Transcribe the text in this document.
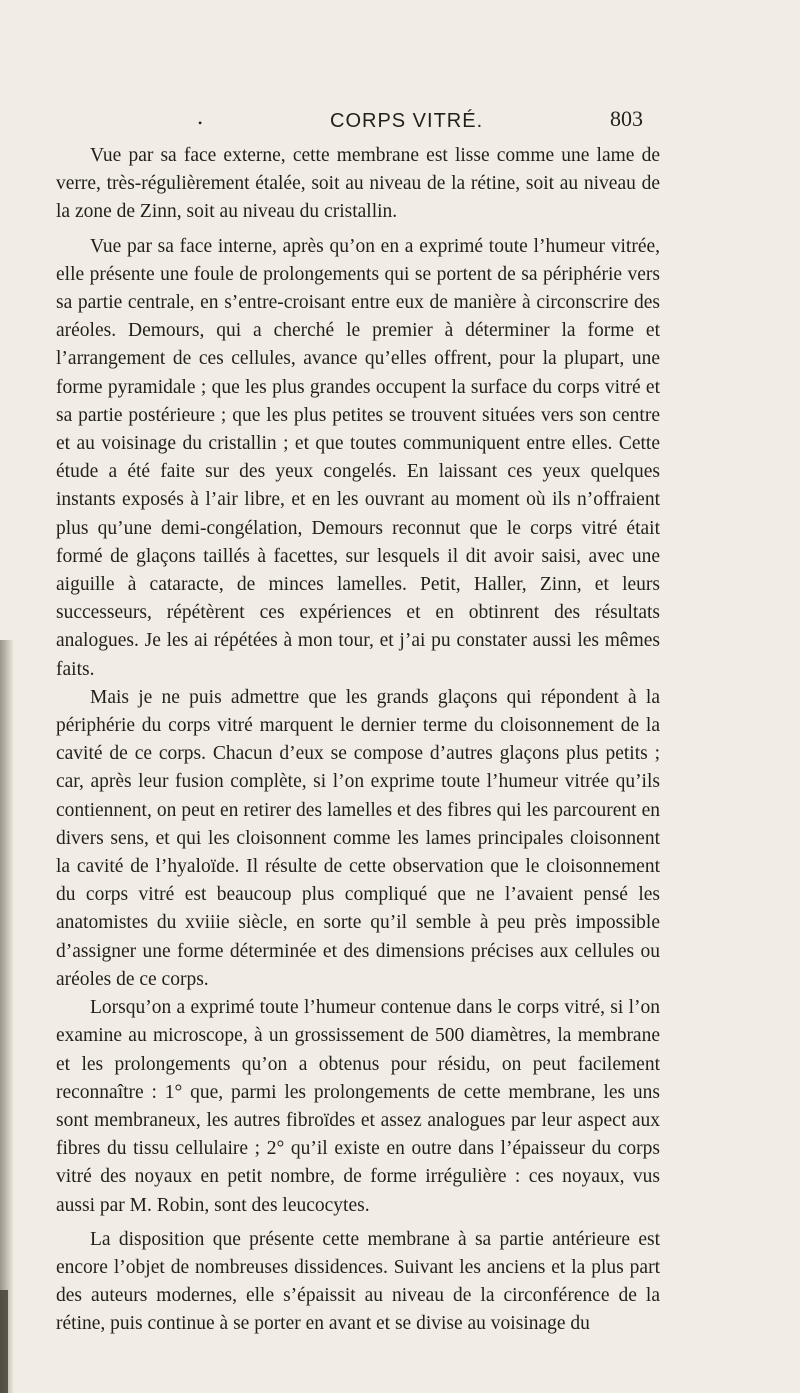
•	CORPS VITRÉ.	803

Vue par sa face externe, cette membrane est lisse comme une lame de verre, très-régulièrement étalée, soit au niveau de la rétine, soit au niveau de la zone de Zinn, soit au niveau du cristallin.

Vue par sa face interne, après qu’on en a exprimé toute l’humeur vitrée, elle présente une foule de prolongements qui se portent de sa périphérie vers sa partie centrale, en s’entre-croisant entre eux de manière à circonscrire des aréoles. Demours, qui a cherché le premier à déterminer la forme et l’arrangement de ces cellules, avance qu’elles offrent, pour la plupart, une forme pyramidale ; que les plus grandes occupent la surface du corps vitré et sa partie postérieure ; que les plus petites se trouvent situées vers son centre et au voisinage du cristallin ; et que toutes communiquent entre elles. Cette étude a été faite sur des yeux congelés. En laissant ces yeux quelques instants exposés à l’air libre, et en les ouvrant au moment où ils n’offraient plus qu’une demi-congélation, Demours reconnut que le corps vitré était formé de glaçons taillés à facettes, sur lesquels il dit avoir saisi, avec une aiguille à cataracte, de minces lamelles. Petit, Haller, Zinn, et leurs successeurs, répétèrent ces expériences et en obtinrent des résultats analogues. Je les ai répétées à mon tour, et j’ai pu constater aussi les mêmes faits.

Mais je ne puis admettre que les grands glaçons qui répondent à la périphérie du corps vitré marquent le dernier terme du cloisonnement de la cavité de ce corps. Chacun d’eux se compose d’autres glaçons plus petits ; car, après leur fusion complète, si l’on exprime toute l’humeur vitrée qu’ils contiennent, on peut en retirer des lamelles et des fibres qui les parcourent en divers sens, et qui les cloisonnent comme les lames principales cloisonnent la cavité de l’hyaloïde. Il résulte de cette observation que le cloisonnement du corps vitré est beaucoup plus compliqué que ne l’avaient pensé les anatomistes du xviiie siècle, en sorte qu’il semble à peu près impossible d’assigner une forme déterminée et des dimensions précises aux cellules ou aréoles de ce corps.

Lorsqu’on a exprimé toute l’humeur contenue dans le corps vitré, si l’on examine au microscope, à un grossissement de 500 diamètres, la membrane et les prolongements qu’on a obtenus pour résidu, on peut facilement reconnaître : 1° que, parmi les prolongements de cette membrane, les uns sont membraneux, les autres fibroïdes et assez analogues par leur aspect aux fibres du tissu cellulaire ; 2° qu’il existe en outre dans l’épaisseur du corps vitré des noyaux en petit nombre, de forme irrégulière : ces noyaux, vus aussi par M. Robin, sont des leucocytes.

La disposition que présente cette membrane à sa partie antérieure est encore l’objet de nombreuses dissidences. Suivant les anciens et la plus part des auteurs modernes, elle s’épaissit au niveau de la circonférence de la rétine, puis continue à se porter en avant et se divise au voisinage du
